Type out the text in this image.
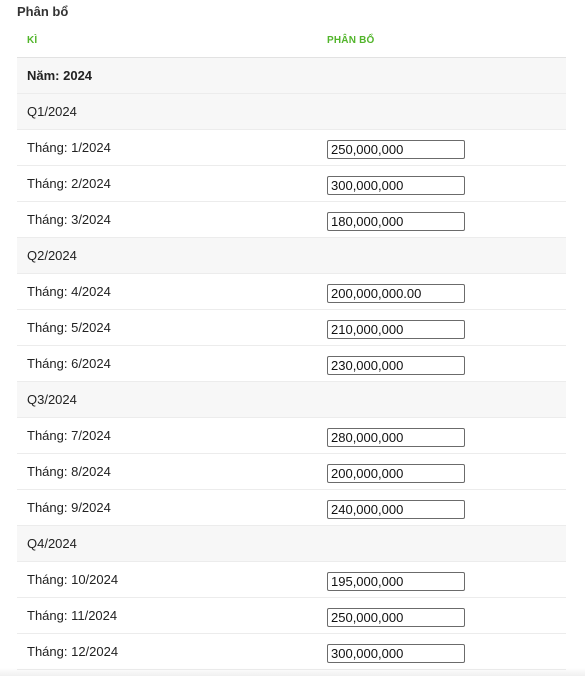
Phân bổ
KÌ	PHÂN BỔ
Năm: 2024
Q1/2024
Tháng: 1/2024
250,000,000
Tháng: 2/2024
300,000,000
Tháng: 3/2024
180,000,000
Q2/2024
Tháng: 4/2024
200,000,000.00
Tháng: 5/2024
210,000,000
Tháng: 6/2024
230,000,000
Q3/2024
Tháng: 7/2024
280,000,000
Tháng: 8/2024
200,000,000
Tháng: 9/2024
240,000,000
Q4/2024
Tháng: 10/2024
195,000,000
Tháng: 11/2024
250,000,000
Tháng: 12/2024
300,000,000
